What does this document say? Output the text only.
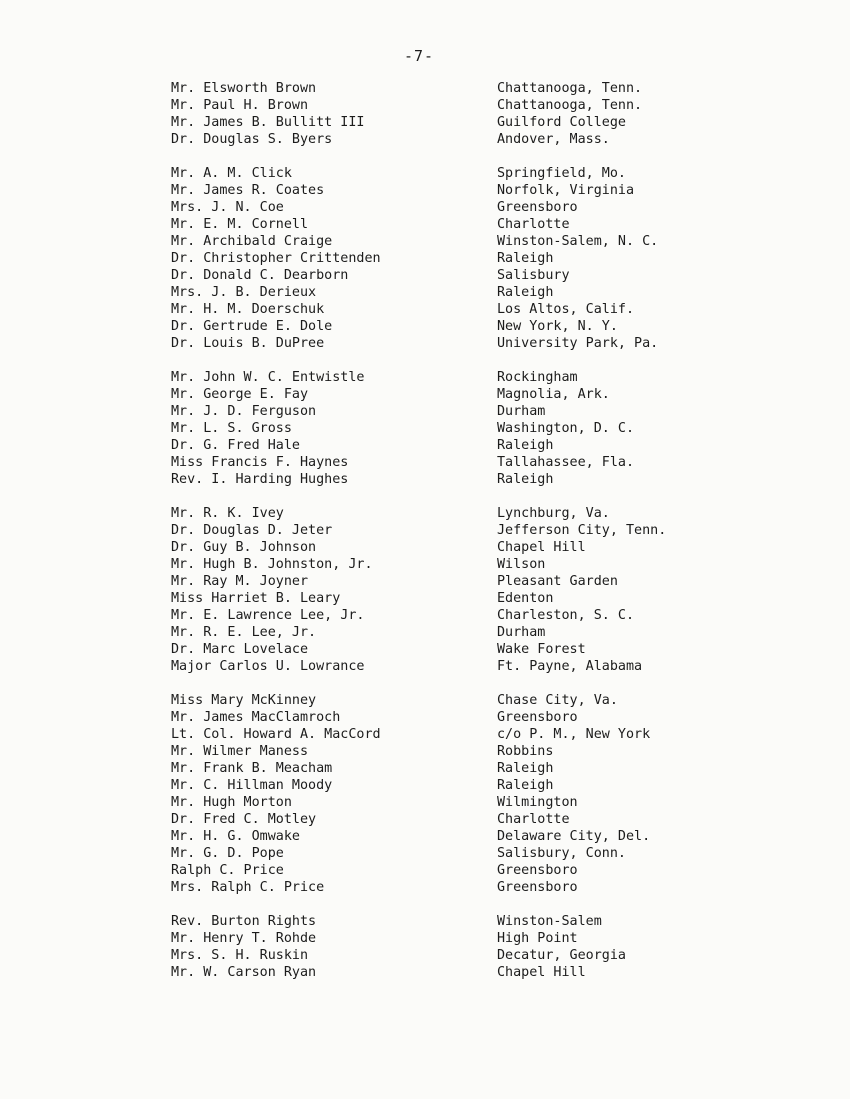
-7-
Mr. Elsworth Brown	Chattanooga, Tenn.
Mr. Paul H. Brown	Chattanooga, Tenn.
Mr. James B. Bullitt III	Guilford College
Dr. Douglas S. Byers	Andover, Mass.
Mr. A. M. Click	Springfield, Mo.
Mr. James R. Coates	Norfolk, Virginia
Mrs. J. N. Coe	Greensboro
Mr. E. M. Cornell	Charlotte
Mr. Archibald Craige	Winston-Salem, N. C.
Dr. Christopher Crittenden	Raleigh
Dr. Donald C. Dearborn	Salisbury
Mrs. J. B. Derieux	Raleigh
Mr. H. M. Doerschuk	Los Altos, Calif.
Dr. Gertrude E. Dole	New York, N. Y.
Dr. Louis B. DuPree	University Park, Pa.
Mr. John W. C. Entwistle	Rockingham
Mr. George E. Fay	Magnolia, Ark.
Mr. J. D. Ferguson	Durham
Mr. L. S. Gross	Washington, D. C.
Dr. G. Fred Hale	Raleigh
Miss Francis F. Haynes	Tallahassee, Fla.
Rev. I. Harding Hughes	Raleigh
Mr. R. K. Ivey	Lynchburg, Va.
Dr. Douglas D. Jeter	Jefferson City, Tenn.
Dr. Guy B. Johnson	Chapel Hill
Mr. Hugh B. Johnston, Jr.	Wilson
Mr. Ray M. Joyner	Pleasant Garden
Miss Harriet B. Leary	Edenton
Mr. E. Lawrence Lee, Jr.	Charleston, S. C.
Mr. R. E. Lee, Jr.	Durham
Dr. Marc Lovelace	Wake Forest
Major Carlos U. Lowrance	Ft. Payne, Alabama
Miss Mary McKinney	Chase City, Va.
Mr. James MacClamroch	Greensboro
Lt. Col. Howard A. MacCord	c/o P. M., New York
Mr. Wilmer Maness	Robbins
Mr. Frank B. Meacham	Raleigh
Mr. C. Hillman Moody	Raleigh
Mr. Hugh Morton	Wilmington
Dr. Fred C. Motley	Charlotte
Mr. H. G. Omwake	Delaware City, Del.
Mr. G. D. Pope	Salisbury, Conn.
Ralph C. Price	Greensboro
Mrs. Ralph C. Price	Greensboro
Rev. Burton Rights	Winston-Salem
Mr. Henry T. Rohde	High Point
Mrs. S. H. Ruskin	Decatur, Georgia
Mr. W. Carson Ryan	Chapel Hill
